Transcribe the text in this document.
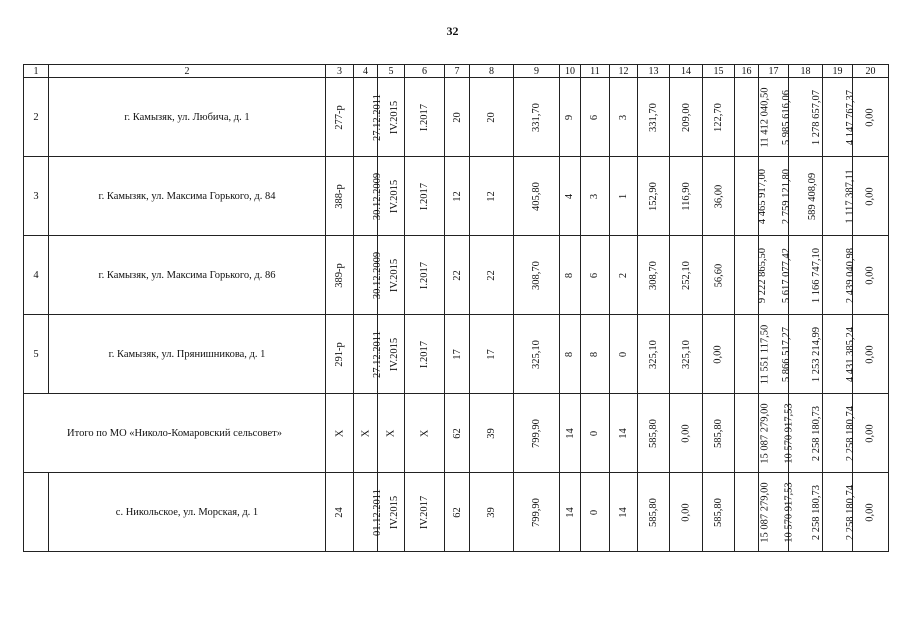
32
1	2	3	4	5	6	7	8	9	10	11	12	13	14	15	16	17	18	19	20
2	г. Камызяк, ул. Любича, д. 1	277-р	27.12.2011	IV.2015	I.2017	20	20	331,70	9	6	3	331,70	209,00	122,70	11 412 040,50	5 985 616,06	1 278 657,07	4 147 767,37	0,00
3	г. Камызяк, ул. Максима Горького, д. 84	388-р	30.12.2009	IV.2015	I.2017	12	12	405,80	4	3	1	152,90	116,90	36,00	4 465 917,00	2 759 121,80	589 408,09	1 117 387,11	0,00
4	г. Камызяк, ул. Максима Горького, д. 86	389-р	30.12.2009	IV.2015	I.2017	22	22	308,70	8	6	2	308,70	252,10	56,60	9 222 865,50	5 617 077,42	1 166 747,10	2 439 040,98	0,00
5	г. Камызяк, ул. Прянишникова, д. 1	291-р	27.12.2011	IV.2015	I.2017	17	17	325,10	8	8	0	325,10	325,10	0,00	11 551 117,50	5 866 517,27	1 253 214,99	4 431 385,24	0,00
Итого по МО «Николо-Комаровский сельсовет»		Х	Х	Х	Х	62	39	799,90	14	0	14	585,80	0,00	585,80	15 087 279,00	10 570 917,53	2 258 180,73	2 258 180,74	0,00
	с. Никольское, ул. Морская, д. 1	24	01.12.2011	IV.2015	IV.2017	62	39	799,90	14	0	14	585,80	0,00	585,80	15 087 279,00	10 570 917,53	2 258 180,73	2 258 180,74	0,00
